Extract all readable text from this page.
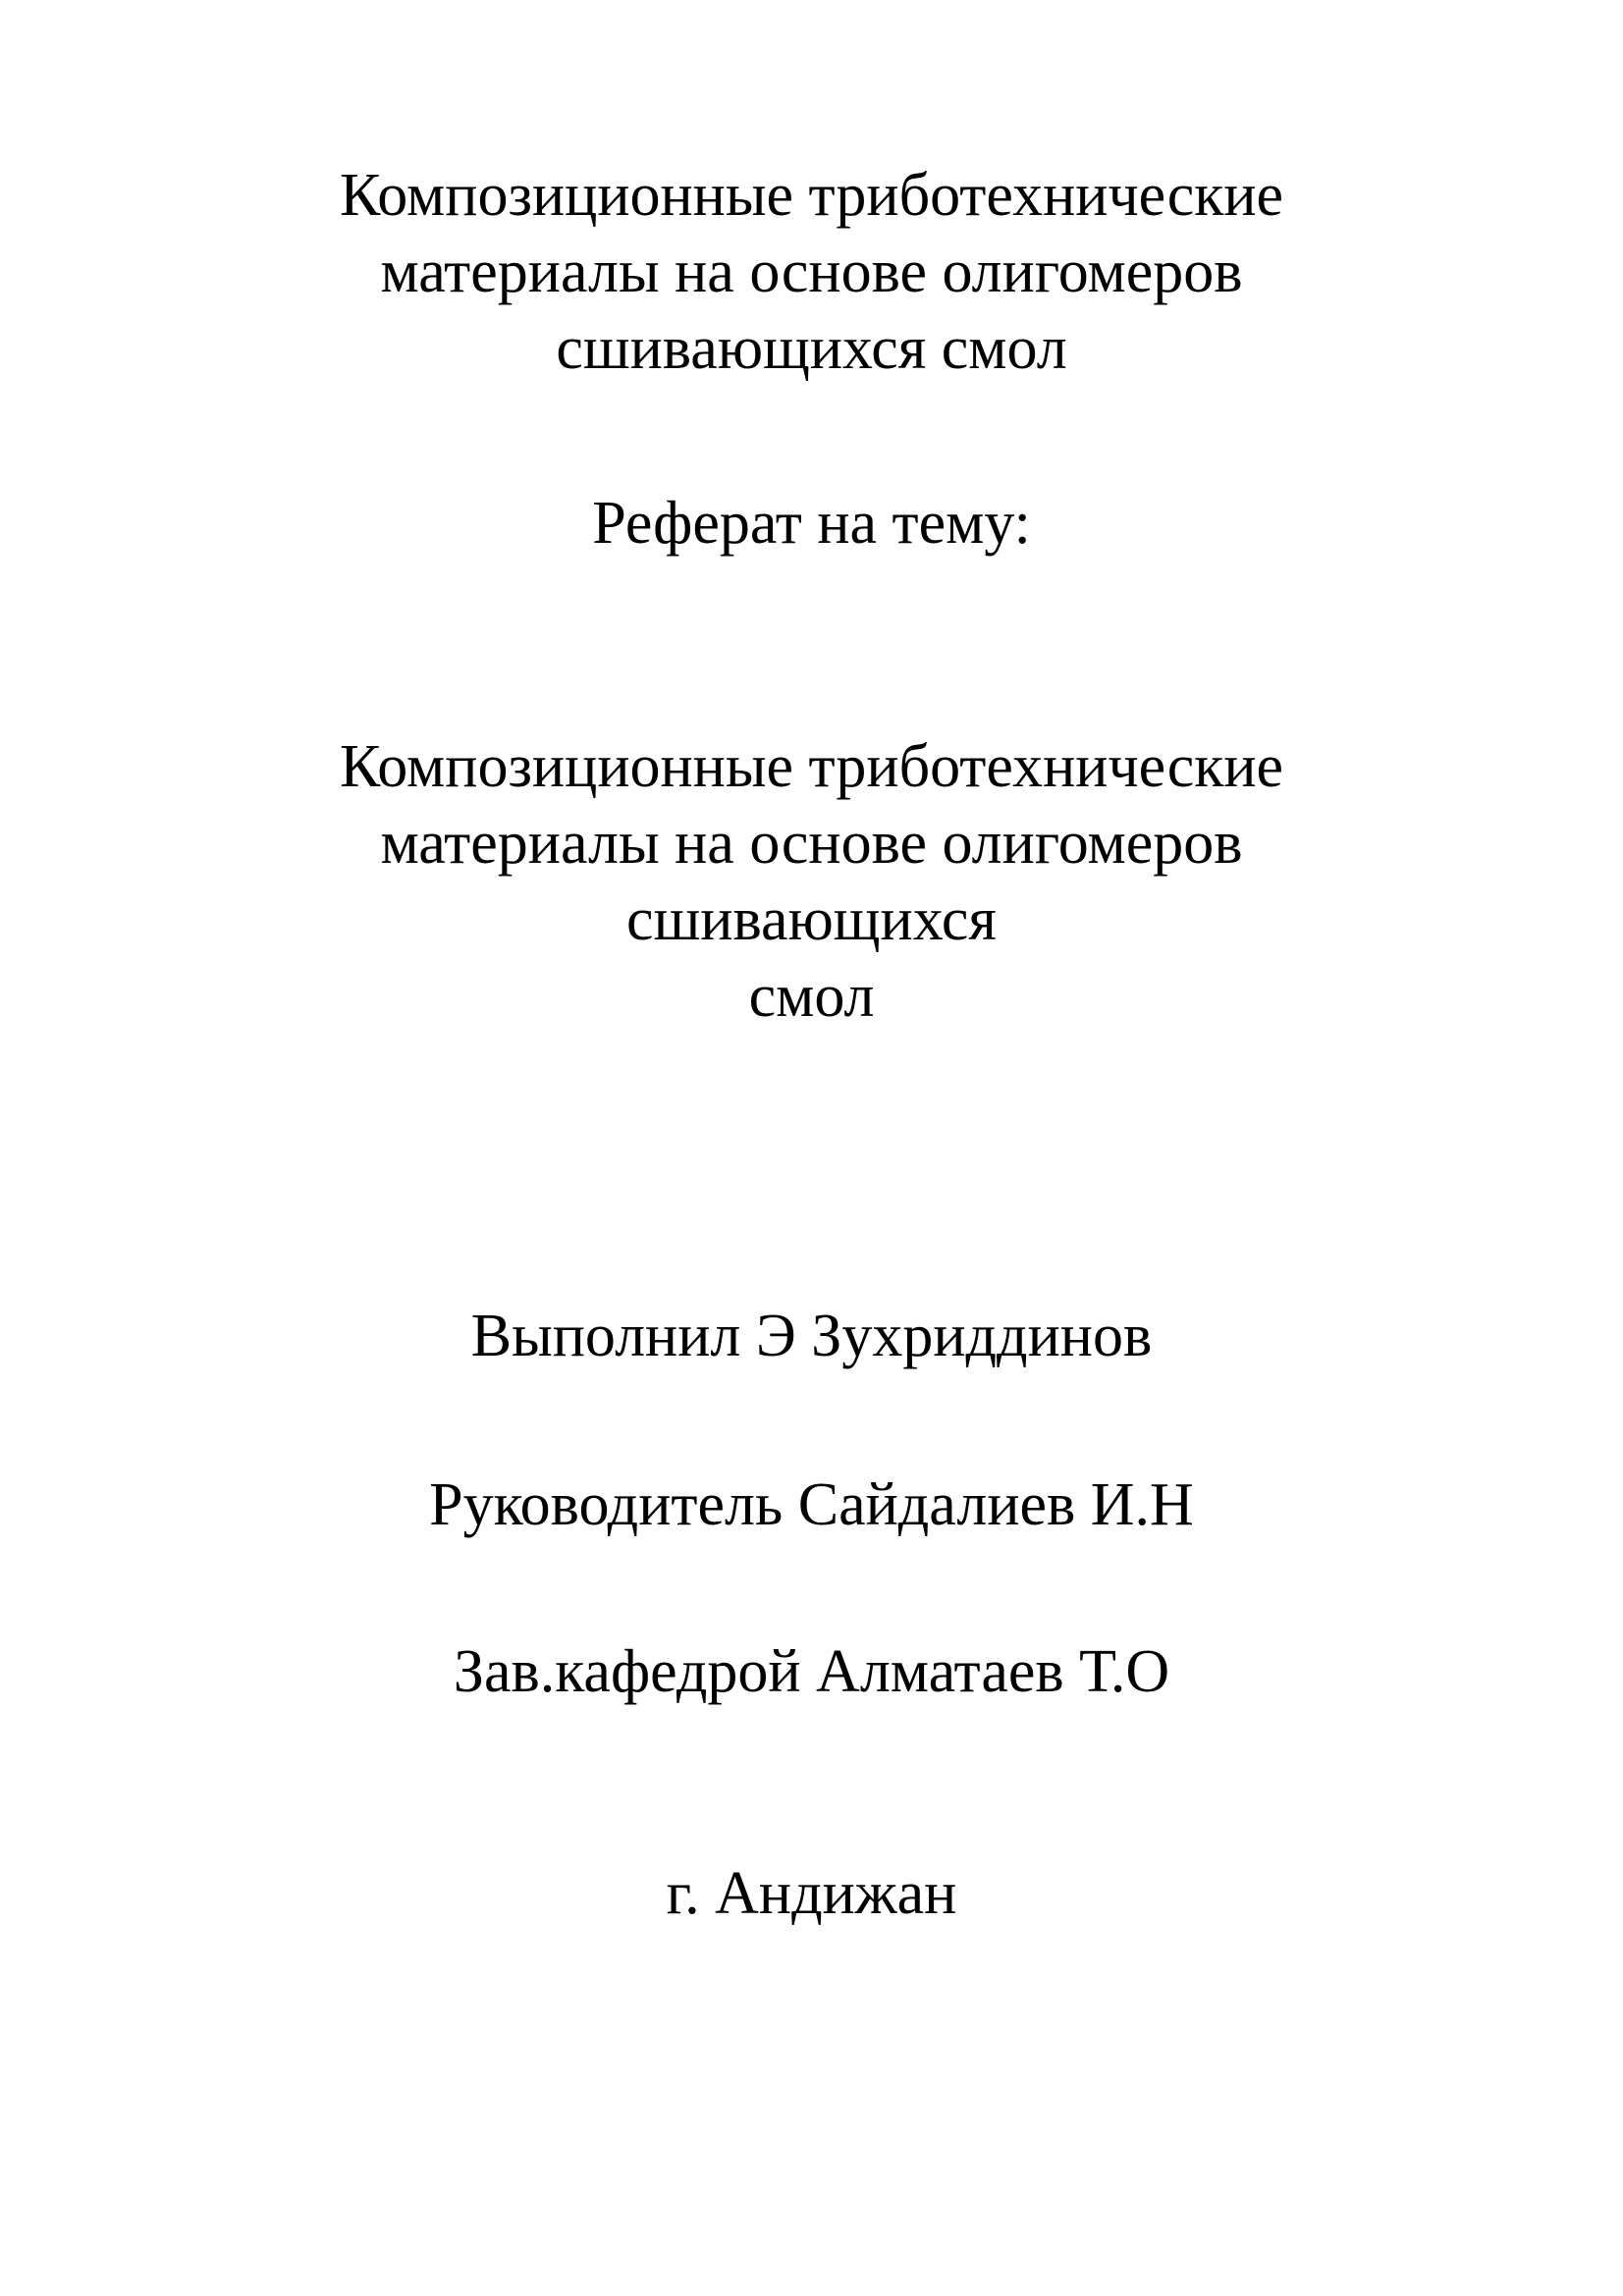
Композиционные триботехнические
материалы на основе олигомеров
сшивающихся смол
Реферат на тему:
Композиционные триботехнические
материалы на основе олигомеров
сшивающихся
смол
Выполнил Э Зухриддинов
Руководитель Сайдалиев И.Н
Зав.кафедрой Алматаев Т.О
г. Андижан
